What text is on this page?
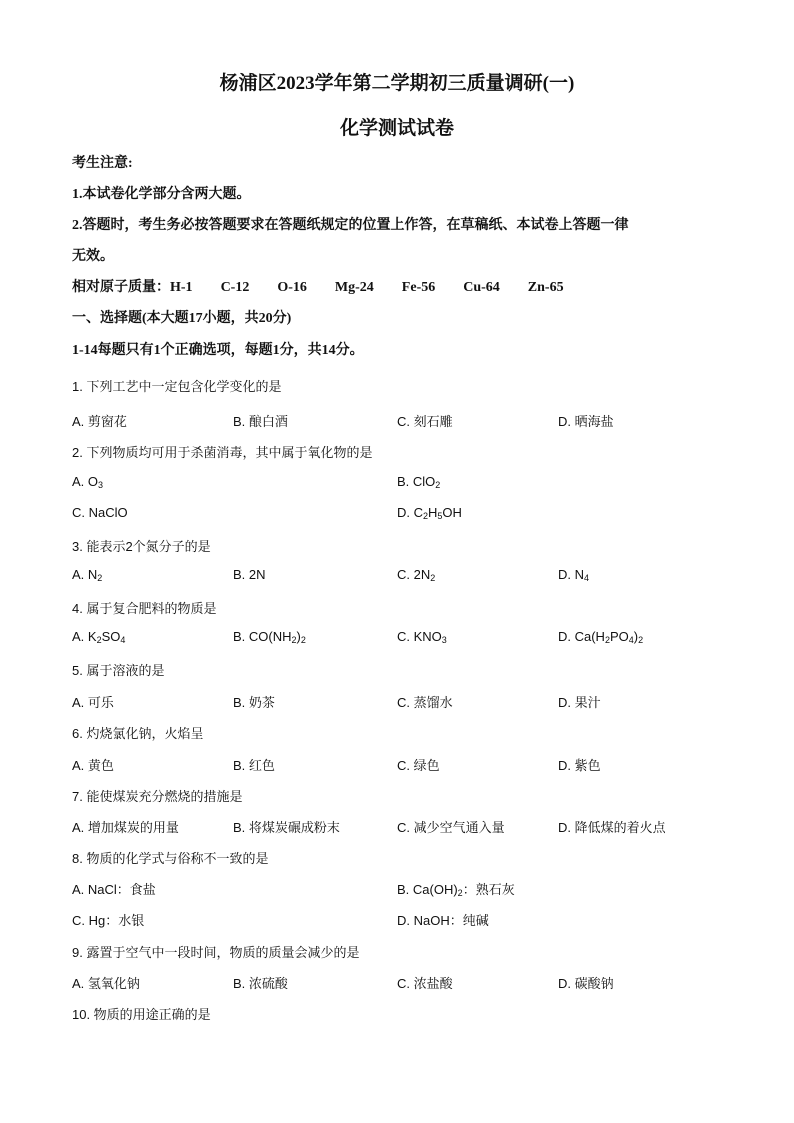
杨浦区2023学年第二学期初三质量调研(一)
化学测试试卷
考生注意:
1.本试卷化学部分含两大题。
2.答题时，考生务必按答题要求在答题纸规定的位置上作答，在草稿纸、本试卷上答题一律
无效。
相对原子质量：H-1 C-12 O-16 Mg-24 Fe-56 Cu-64 Zn-65
一、选择题(本大题17小题，共20分)
1-14每题只有1个正确选项，每题1分，共14分。
1. 下列工艺中一定包含化学变化的是
A. 剪窗花	B. 酿白酒	C. 刻石雕	D. 晒海盐
2. 下列物质均可用于杀菌消毒，其中属于氧化物的是
A. $O_3$	B. ClO$_2$
C. NaClO	D. $C_2H_5OH$
3. 能表示2个氮分子的是
A. $N_2$	B. 2N	C. $2N_2$	D. $N_4$
4. 属于复合肥料的物质是
A. $K_2SO_4$	B. $CO(NH_2)_2$	C. $KNO_3$	D. $Ca(H_2PO_4)_2$
5. 属于溶液的是
A. 可乐	B. 奶茶	C. 蒸馏水	D. 果汁
6. 灼烧氯化钠，火焰呈
A. 黄色	B. 红色	C. 绿色	D. 紫色
7. 能使煤炭充分燃烧的措施是
A. 增加煤炭的用量	B. 将煤炭碾成粉末	C. 减少空气通入量	D. 降低煤的着火点
8. 物质的化学式与俗称不一致的是
A. NaCl：食盐	B. $Ca(OH)_2$：熟石灰
C. Hg：水银	D. NaOH：纯碱
9. 露置于空气中一段时间，物质的质量会减少的是
A. 氢氧化钠	B. 浓硫酸	C. 浓盐酸	D. 碳酸钠
10. 物质的用途正确的是
